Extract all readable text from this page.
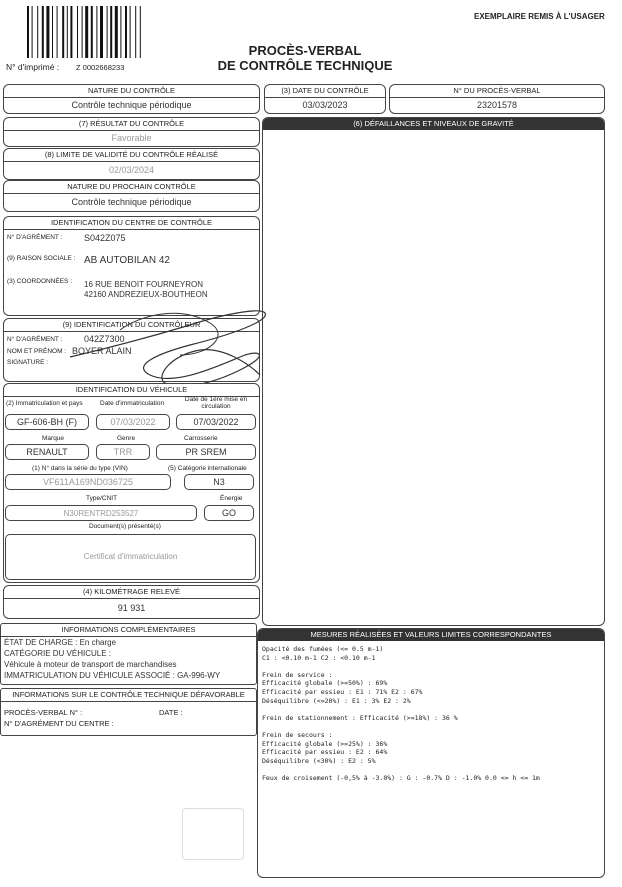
N° d'imprimé : Z 0002668233
EXEMPLAIRE REMIS À L'USAGER
PROCÈS-VERBAL
DE CONTRÔLE TECHNIQUE
NATURE DU CONTRÔLE
Contrôle technique périodique
(3) DATE DU CONTRÔLE
03/03/2023
N° DU PROCÈS-VERBAL
23201578
(7) RÉSULTAT DU CONTRÔLE
Favorable
(6) DÉFAILLANCES ET NIVEAUX DE GRAVITÉ
(8) LIMITE DE VALIDITÉ DU CONTRÔLE RÉALISÉ
02/03/2024
NATURE DU PROCHAIN CONTRÔLE
Contrôle technique périodique
IDENTIFICATION DU CENTRE DE CONTRÔLE
N° D'AGRÉMENT : S042Z075
(9) RAISON SOCIALE : AB AUTOBILAN 42
(3) COORDONNÉES : 16 RUE BENOIT FOURNEYRON
42160 ANDREZIEUX-BOUTHEON
(9) IDENTIFICATION DU CONTRÔLEUR
N° D'AGRÉMENT : 042Z7300
NOM ET PRÉNOM : BOYER ALAIN
SIGNATURE :
IDENTIFICATION DU VÉHICULE
(2) Immatriculation et pays	Date d'immatriculation
Date de 1ère mise en circulation
GF-606-BH (F)	07/03/2022	07/03/2022
Marque	Genre	Carrosserie
RENAULT	TRR	PR SREM
(1) N° dans la série du type (VIN)	(5) Catégorie internationale
VF611A169ND036725	N3
Type/CNIT	Énergie
N30RENTRD253527	GO
Document(s) présenté(s)
Certificat d'immatriculation
(4) KILOMÉTRAGE RELEVÉ
91 931
INFORMATIONS COMPLÉMENTAIRES
ÉTAT DE CHARGE : En charge
CATÉGORIE DU VÉHICULE :
Véhicule à moteur de transport de marchandises
IMMATRICULATION DU VÉHICULE ASSOCIÉ : GA-996-WY
INFORMATIONS SUR LE CONTRÔLE TECHNIQUE DÉFAVORABLE
PROCÈS-VERBAL N° :	DATE :
N° D'AGRÉMENT DU CENTRE :
MESURES RÉALISÉES ET VALEURS LIMITES CORRESPONDANTES
Opacité des fumées (<= 0.5 m-1)
C1 : <0.10 m-1 C2 : <0.10 m-1
Frein de service :
Efficacité globale (>=50%) : 69%
Efficacité par essieu : E1 : 71% E2 : 67%
Déséquilibre (<=20%) : E1 : 3% E2 : 2%
Frein de stationnement : Efficacité (>=18%) : 36 %
Frein de secours :
Efficacité globale (>=25%) : 36%
Efficacité par essieu : E2 : 64%
Déséquilibre (<30%) : E2 : 5%
Feux de croisement (-0,5% à -3.0%) : G : -0.7% D : -1.0% 0.0 <= h <= 1m
